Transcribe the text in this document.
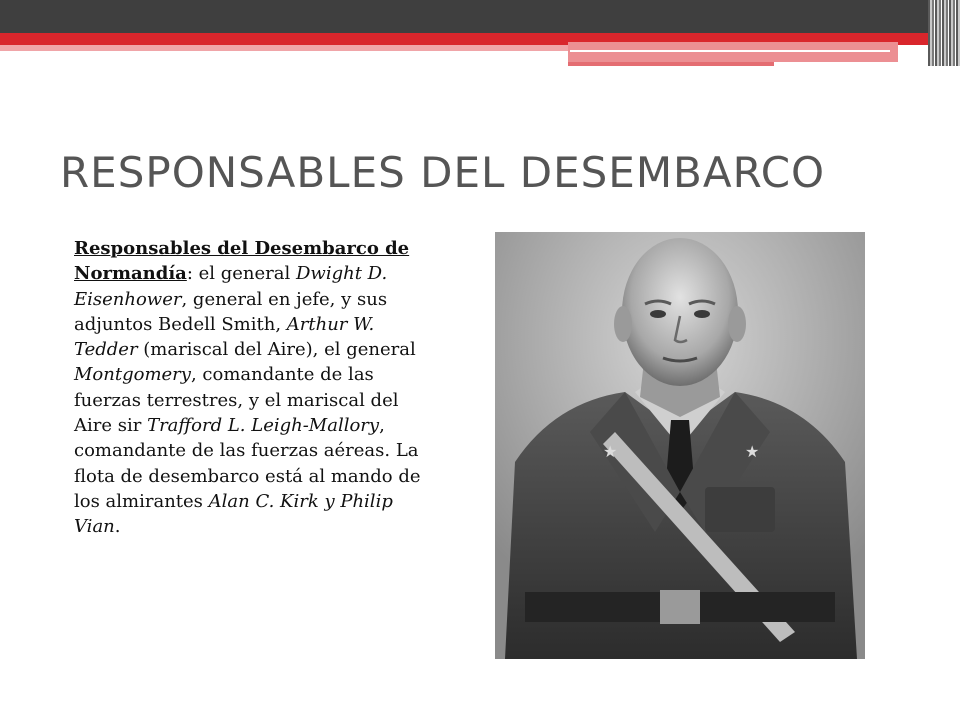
RESPONSABLES DEL DESEMBARCO
Responsables del Desembarco de Normandía: el general Dwight D. Eisenhower, general en jefe, y sus adjuntos Bedell Smith, Arthur W. Tedder (mariscal del Aire), el general Montgomery, comandante de las fuerzas terrestres, y el mariscal del Aire sir Trafford L. Leigh-Mallory, comandante de las fuerzas aéreas. La flota de desembarco está al mando de los almirantes Alan C. Kirk y Philip Vian.
★	★
